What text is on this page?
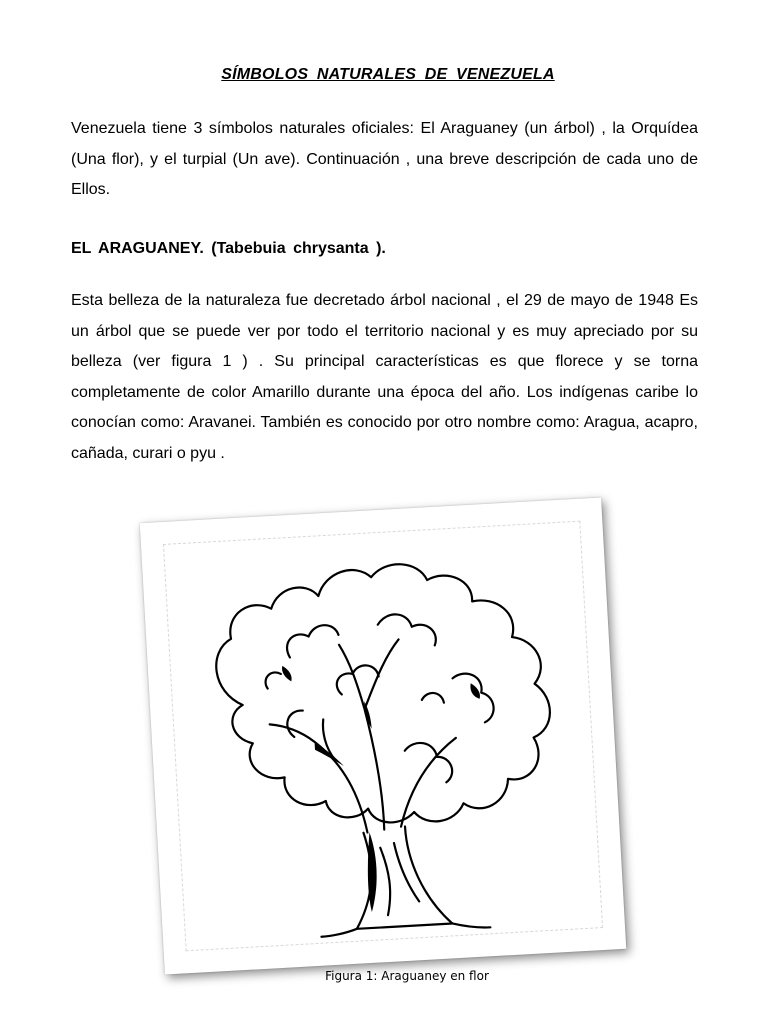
SÍMBOLOS NATURALES DE VENEZUELA

Venezuela tiene 3 símbolos naturales oficiales: El Araguaney (un árbol) , la Orquídea (Una flor), y el turpial (Un ave). Continuación , una breve descripción de cada uno de Ellos.

EL ARAGUANEY. (Tabebuia chrysanta ).

Esta belleza de la naturaleza fue decretado árbol nacional , el 29 de mayo de 1948 Es un árbol que se puede ver por todo el territorio nacional y es muy apreciado por su belleza (ver figura 1 ) . Su principal características es que florece y se torna completamente de color Amarillo durante una época del año. Los indígenas caribe lo conocían como: Aravanei. También es conocido por otro nombre como: Aragua, acapro, cañada, curari o pyu .

Figura 1: Araguaney en flor
